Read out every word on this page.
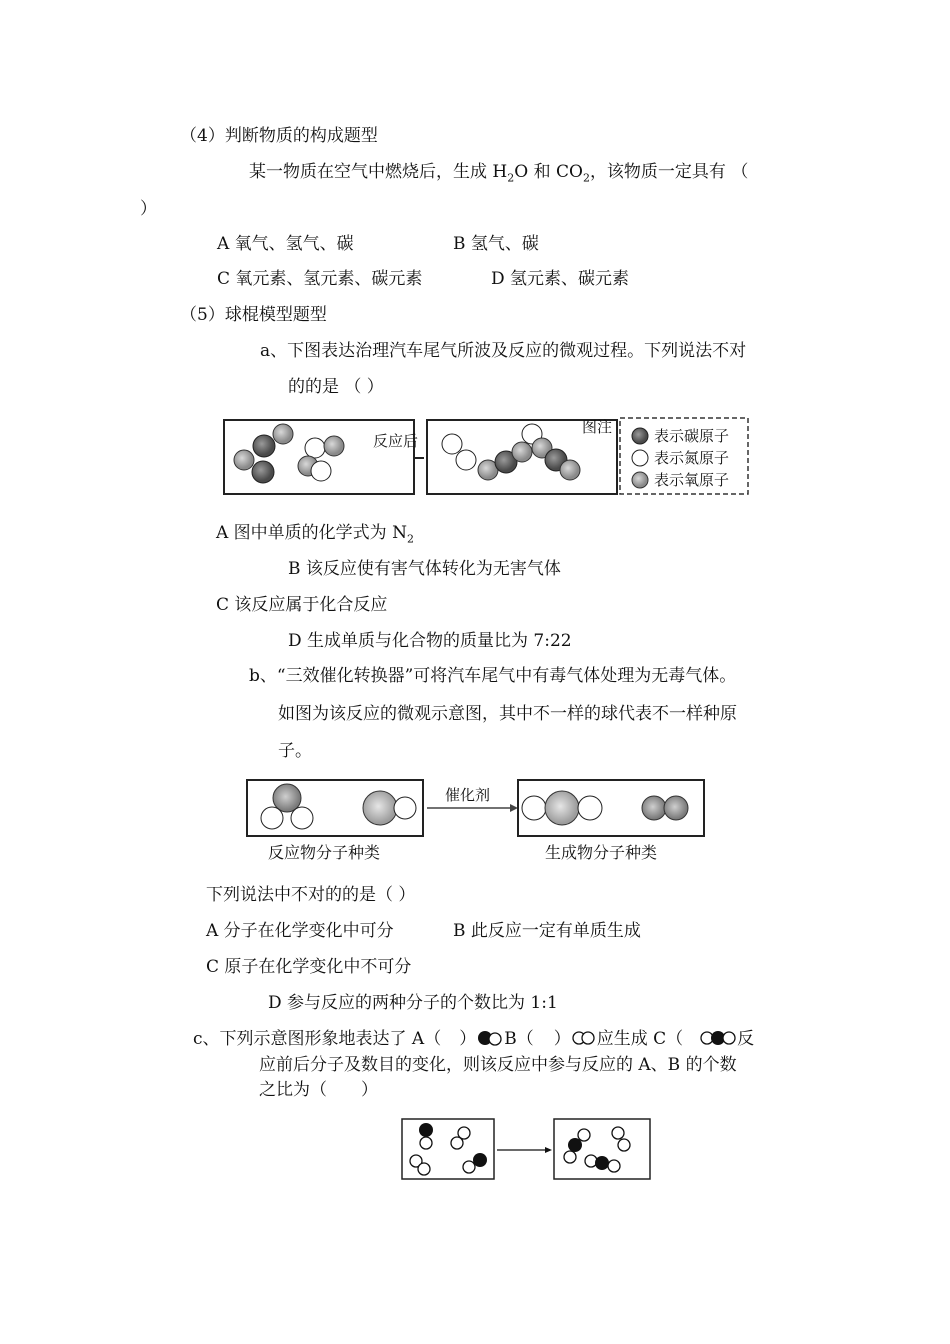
（4）判断物质的构成题型
某一物质在空气中燃烧后，生成 $H_2O$ 和 $CO_2$，该物质一定具有 （
）
A 氧气、氢气、碳	B 氢气、碳
C 氧元素、氢元素、碳元素	D 氢元素、碳元素
（5）球棍模型题型
a、下图表达治理汽车尾气所波及反应的微观过程。下列说法不对
的的是 （ ）
反应后
图注	表示碳原子
表示氮原子
表示氧原子
A 图中单质的化学式为 $N_2$
B 该反应使有害气体转化为无害气体
C 该反应属于化合反应
D 生成单质与化合物的质量比为 7:22
b、“三效催化转换器”可将汽车尾气中有毒气体处理为无毒气体。
如图为该反应的微观示意图，其中不一样的球代表不一样种原
子。
催化剂
反应物分子种类	生成物分子种类
下列说法中不对的的是（ ）
A 分子在化学变化中可分	B 此反应一定有单质生成
C 原子在化学变化中不可分
D 参与反应的两种分子的个数比为 1:1
c、下列示意图形象地表达了 A（ ） B（ ） 应生成 C（	反
应前后分子及数目的变化，则该反应中参与反应的 A、B 的个数
之比为（　　）
